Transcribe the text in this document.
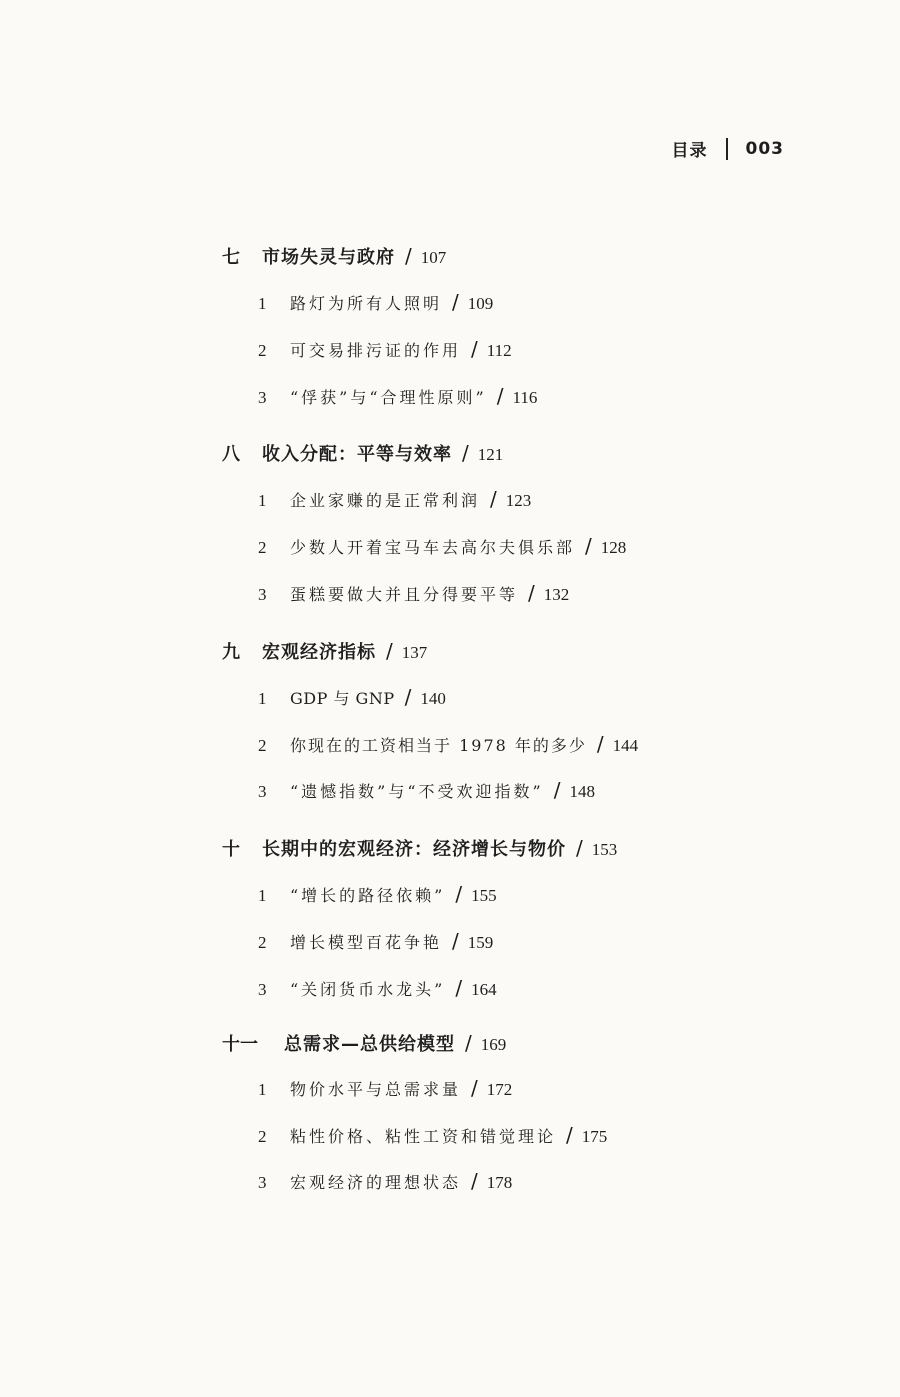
目录 003
七	市场失灵与政府 / 107
1	路灯为所有人照明 / 109
2	可交易排污证的作用 / 112
3	“俘获”与“合理性原则” / 116
八	收入分配：平等与效率 / 121
1	企业家赚的是正常利润 / 123
2	少数人开着宝马车去高尔夫俱乐部 / 128
3	蛋糕要做大并且分得要平等 / 132
九	宏观经济指标 / 137
1	GDP 与 GNP / 140
2	你现在的工资相当于 1978 年的多少 / 144
3	“遗憾指数”与“不受欢迎指数” / 148
十	长期中的宏观经济：经济增长与物价 / 153
1	“增长的路径依赖” / 155
2	增长模型百花争艳 / 159
3	“关闭货币水龙头” / 164
十一	总需求—总供给模型 / 169
1	物价水平与总需求量 / 172
2	粘性价格、粘性工资和错觉理论 / 175
3	宏观经济的理想状态 / 178
